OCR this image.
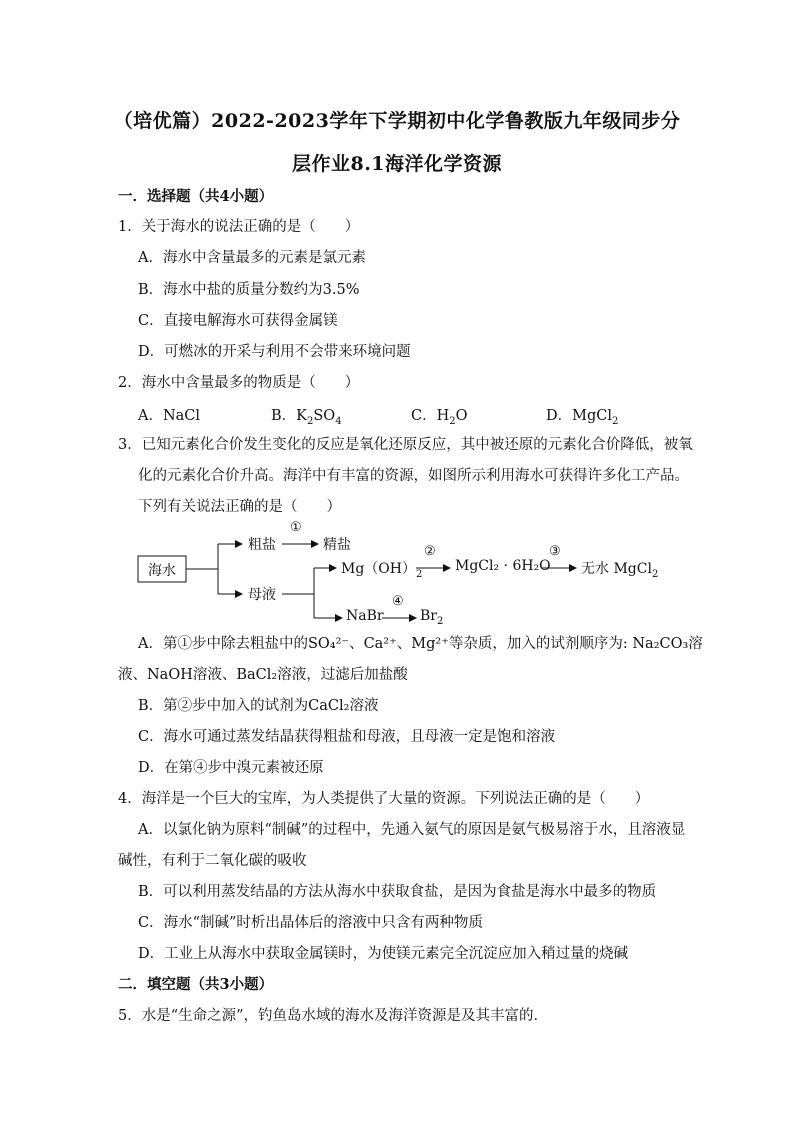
（培优篇）2022-2023学年下学期初中化学鲁教版九年级同步分
层作业8.1海洋化学资源
一．选择题（共4小题）
1．关于海水的说法正确的是（　　）
A．海水中含量最多的元素是氯元素
B．海水中盐的质量分数约为3.5%
C．直接电解海水可获得金属镁
D．可燃冰的开采与利用不会带来环境问题
2．海水中含量最多的物质是（　　）
A．NaCl	B．$K_2SO_4$	C．$H_2O$	D．MgCl$_2$
3．已知元素化合价发生变化的反应是氧化还原反应，其中被还原的元素化合价降低，被氧
化的元素化合价升高。海洋中有丰富的资源，如图所示利用海水可获得许多化工产品。
下列有关说法正确的是（　　）
海水
粗盐	精盐
①
母液
$Mg(OH)_2$
②
MgCl₂ · 6H₂O
③
无水 MgCl$_2$
NaBr
④
$Br_2$
A．第①步中除去粗盐中的SO₄²⁻、Ca²⁺、Mg²⁺等杂质，加入的试剂顺序为: Na₂CO₃溶
液、NaOH溶液、BaCl₂溶液，过滤后加盐酸
B．第②步中加入的试剂为CaCl₂溶液
C．海水可通过蒸发结晶获得粗盐和母液，且母液一定是饱和溶液
D．在第④步中溴元素被还原
4．海洋是一个巨大的宝库，为人类提供了大量的资源。下列说法正确的是（　　）
A．以氯化钠为原料“制碱”的过程中，先通入氨气的原因是氨气极易溶于水，且溶液显
碱性，有利于二氧化碳的吸收
B．可以利用蒸发结晶的方法从海水中获取食盐，是因为食盐是海水中最多的物质
C．海水“制碱”时析出晶体后的溶液中只含有两种物质
D．工业上从海水中获取金属镁时，为使镁元素完全沉淀应加入稍过量的烧碱
二．填空题（共3小题）
5．水是“生命之源”，钓鱼岛水域的海水及海洋资源是及其丰富的．
